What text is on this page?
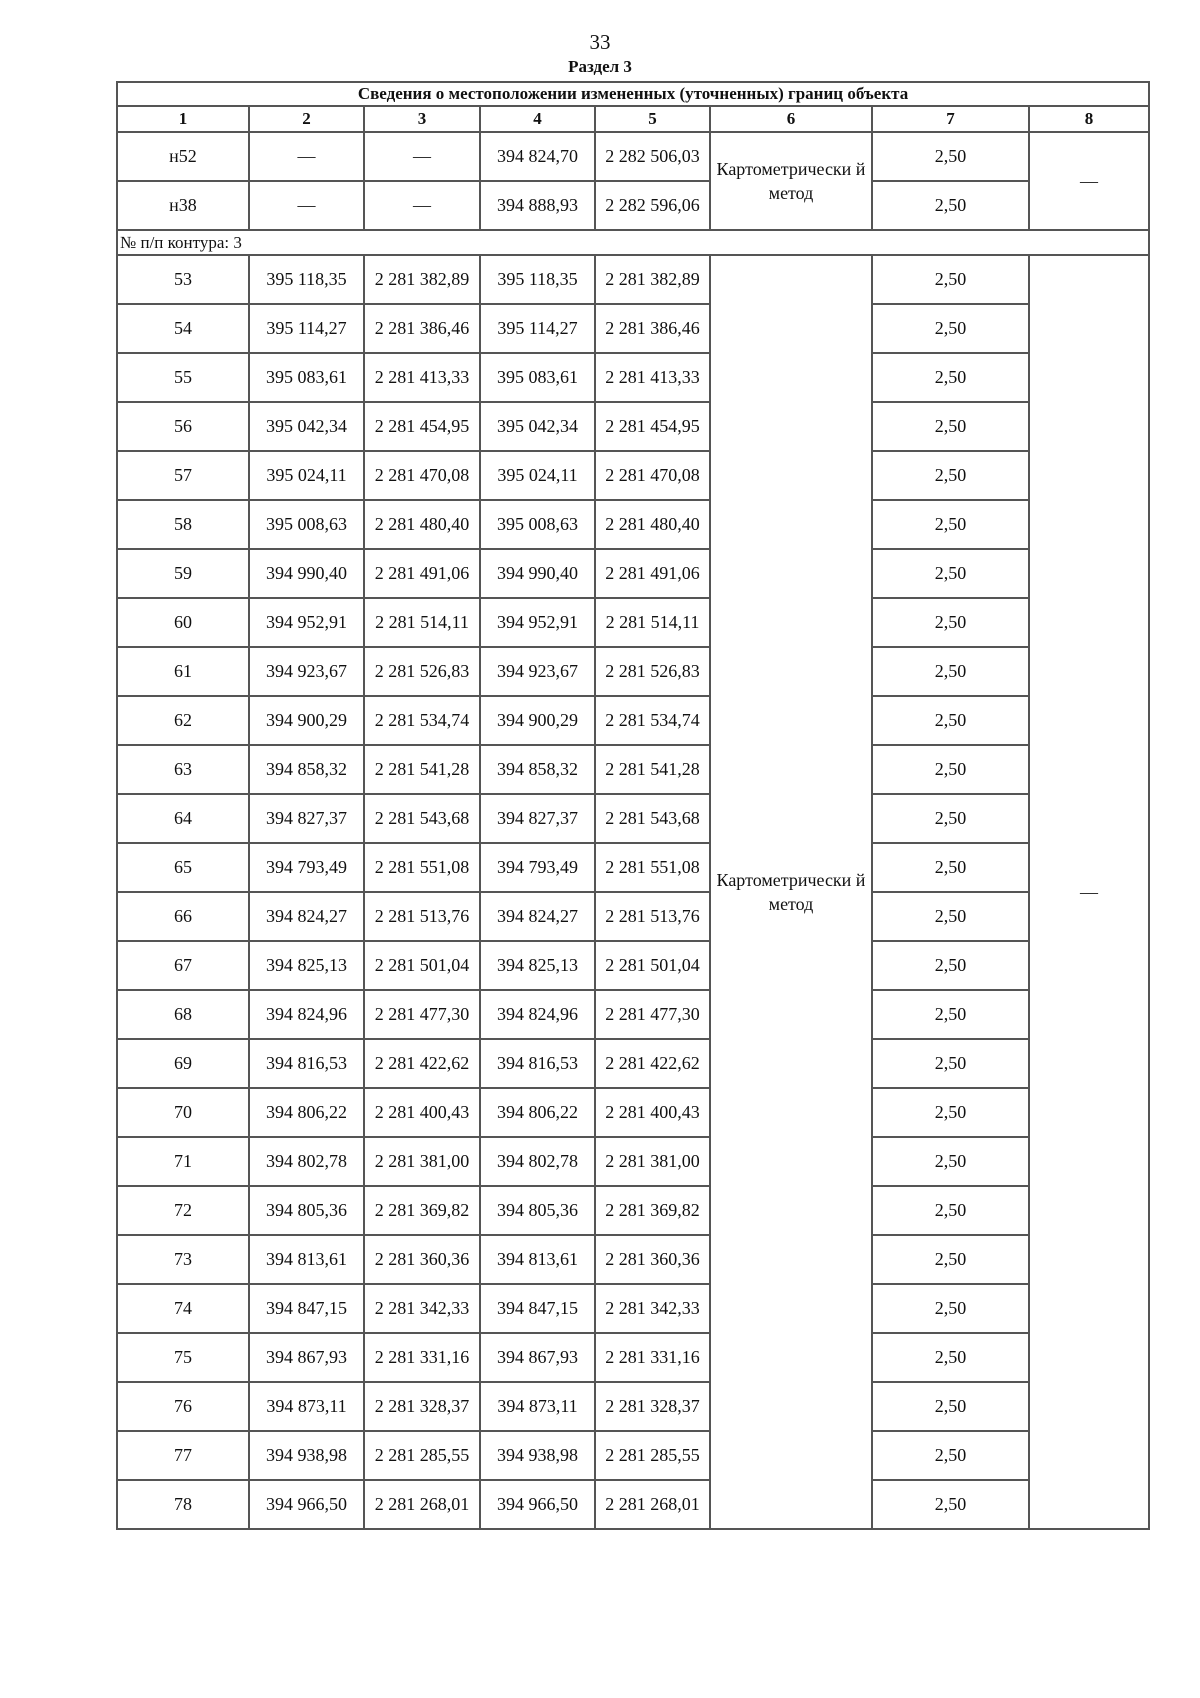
33
Раздел 3
Сведения о местоположении измененных (уточненных) границ объекта							
1	2	3	4	5	6	7	8
н52	—	—	394 824,70	2 282 506,03	Картометрически й метод	2,50	—
н38	—	—	394 888,93	2 282 596,06		2,50	
№ п/п контура: 3							
53	395 118,35	2 281 382,89	395 118,35	2 281 382,89	Картометрически й метод	2,50	—
54	395 114,27	2 281 386,46	395 114,27	2 281 386,46		2,50	
55	395 083,61	2 281 413,33	395 083,61	2 281 413,33		2,50	
56	395 042,34	2 281 454,95	395 042,34	2 281 454,95		2,50	
57	395 024,11	2 281 470,08	395 024,11	2 281 470,08		2,50	
58	395 008,63	2 281 480,40	395 008,63	2 281 480,40		2,50	
59	394 990,40	2 281 491,06	394 990,40	2 281 491,06		2,50	
60	394 952,91	2 281 514,11	394 952,91	2 281 514,11		2,50	
61	394 923,67	2 281 526,83	394 923,67	2 281 526,83		2,50	
62	394 900,29	2 281 534,74	394 900,29	2 281 534,74		2,50	
63	394 858,32	2 281 541,28	394 858,32	2 281 541,28		2,50	
64	394 827,37	2 281 543,68	394 827,37	2 281 543,68		2,50	
65	394 793,49	2 281 551,08	394 793,49	2 281 551,08		2,50	
66	394 824,27	2 281 513,76	394 824,27	2 281 513,76		2,50	
67	394 825,13	2 281 501,04	394 825,13	2 281 501,04		2,50	
68	394 824,96	2 281 477,30	394 824,96	2 281 477,30		2,50	
69	394 816,53	2 281 422,62	394 816,53	2 281 422,62		2,50	
70	394 806,22	2 281 400,43	394 806,22	2 281 400,43		2,50	
71	394 802,78	2 281 381,00	394 802,78	2 281 381,00		2,50	
72	394 805,36	2 281 369,82	394 805,36	2 281 369,82		2,50	
73	394 813,61	2 281 360,36	394 813,61	2 281 360,36		2,50	
74	394 847,15	2 281 342,33	394 847,15	2 281 342,33		2,50	
75	394 867,93	2 281 331,16	394 867,93	2 281 331,16		2,50	
76	394 873,11	2 281 328,37	394 873,11	2 281 328,37		2,50	
77	394 938,98	2 281 285,55	394 938,98	2 281 285,55		2,50	
78	394 966,50	2 281 268,01	394 966,50	2 281 268,01		2,50	
